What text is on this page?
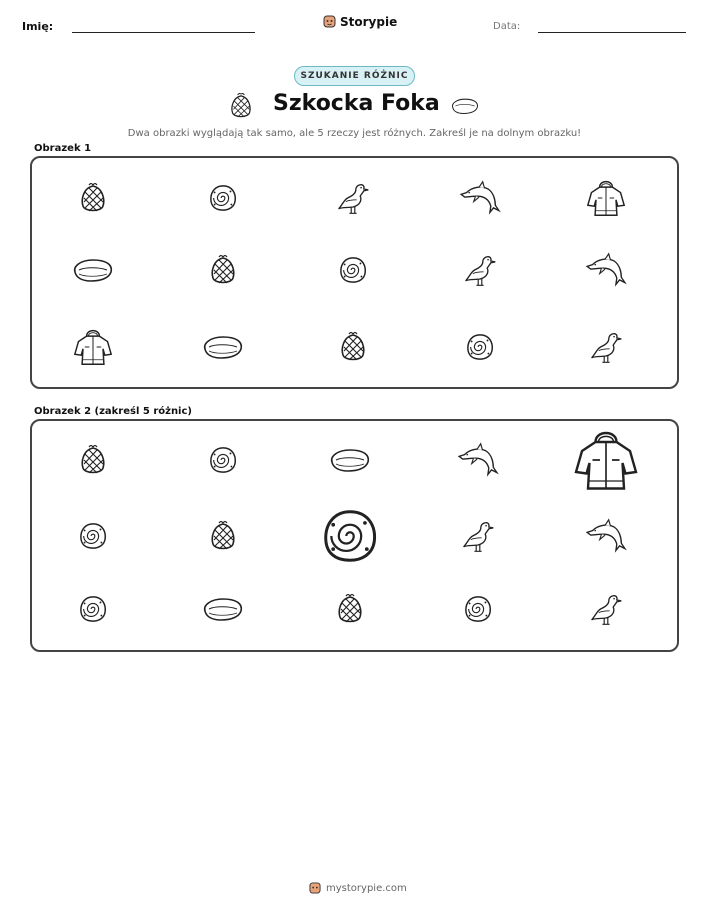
Imię:	Storypie	Data:
SZUKANIE RÓŻNIC
Szkocka Foka
Dwa obrazki wyglądają tak samo, ale 5 rzeczy jest różnych. Zakreśl je na dolnym obrazku!
Obrazek 1
Obrazek 2 (zakreśl 5 różnic)
mystorypie.com
